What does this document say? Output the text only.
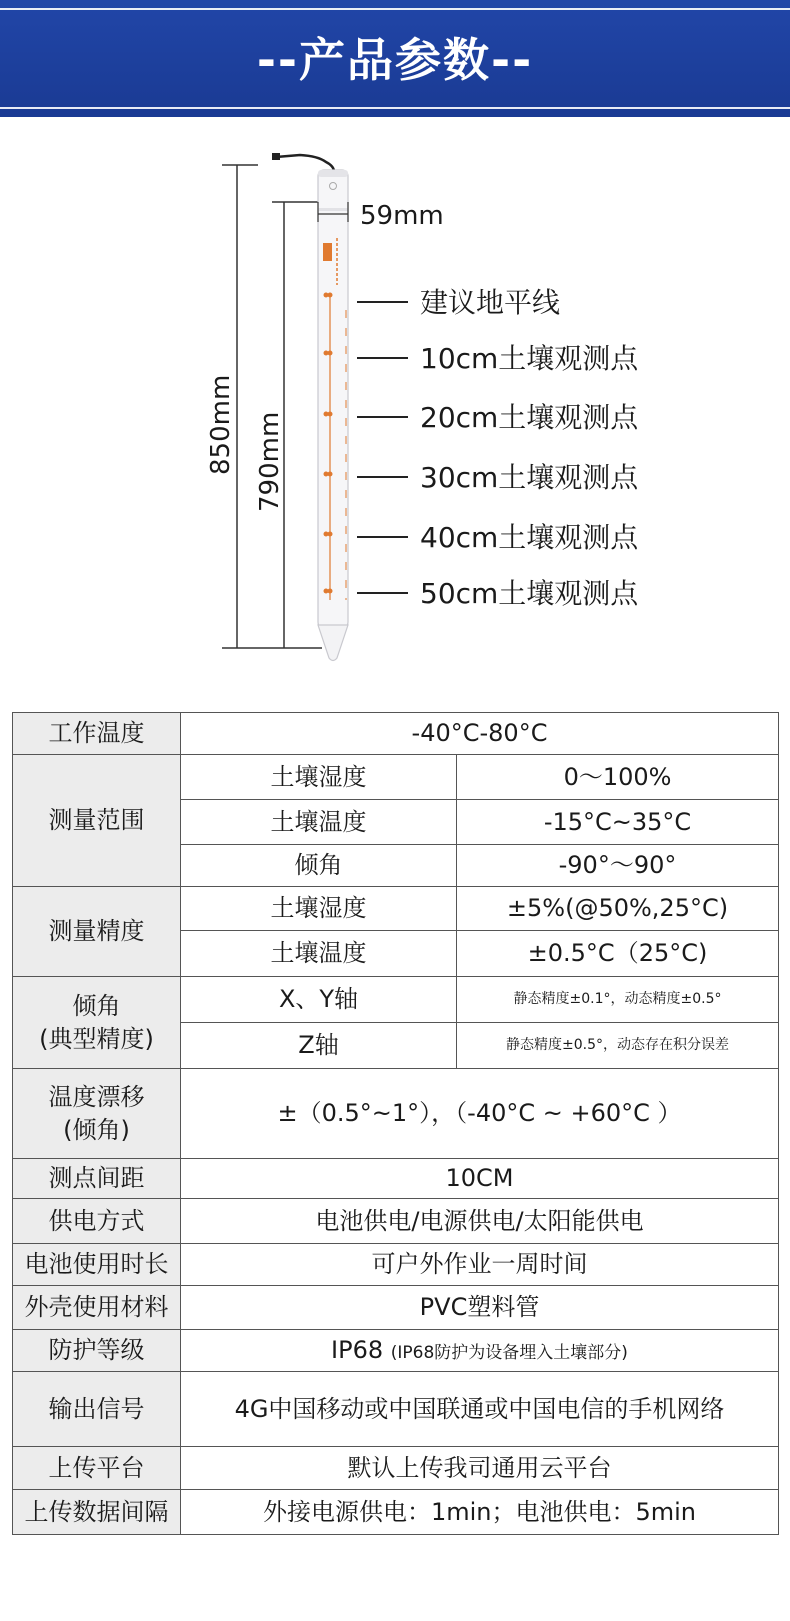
--产品参数--
850mm 790mm
59mm
建议地平线
10cm土壤观测点
20cm土壤观测点
30cm土壤观测点
40cm土壤观测点
50cm土壤观测点
工作温度	-40°C-80°C	
测量范围	土壤湿度	0～100%
	土壤温度	-15°C~35°C
	倾角	-90°～90°
测量精度	土壤湿度	±5%(@50%,25°C)
	土壤温度	±0.5°C（25°C)

倾角
(典型精度)	X、Y轴	静态精度±0.1°，动态精度±0.5°
	Z轴	静态精度±0.5°，动态存在积分误差

温度漂移
(倾角)	±（0.5°~1°），（-40°C ~ +60°C ）	
测点间距	10CM	
供电方式	电池供电/电源供电/太阳能供电	
电池使用时长	可户外作业一周时间	
外壳使用材料	PVC塑料管	
防护等级	IP68 (IP68防护为设备埋入土壤部分)	
输出信号	4G中国移动或中国联通或中国电信的手机网络	
上传平台	默认上传我司通用云平台	
上传数据间隔	外接电源供电：1min；电池供电：5min	
